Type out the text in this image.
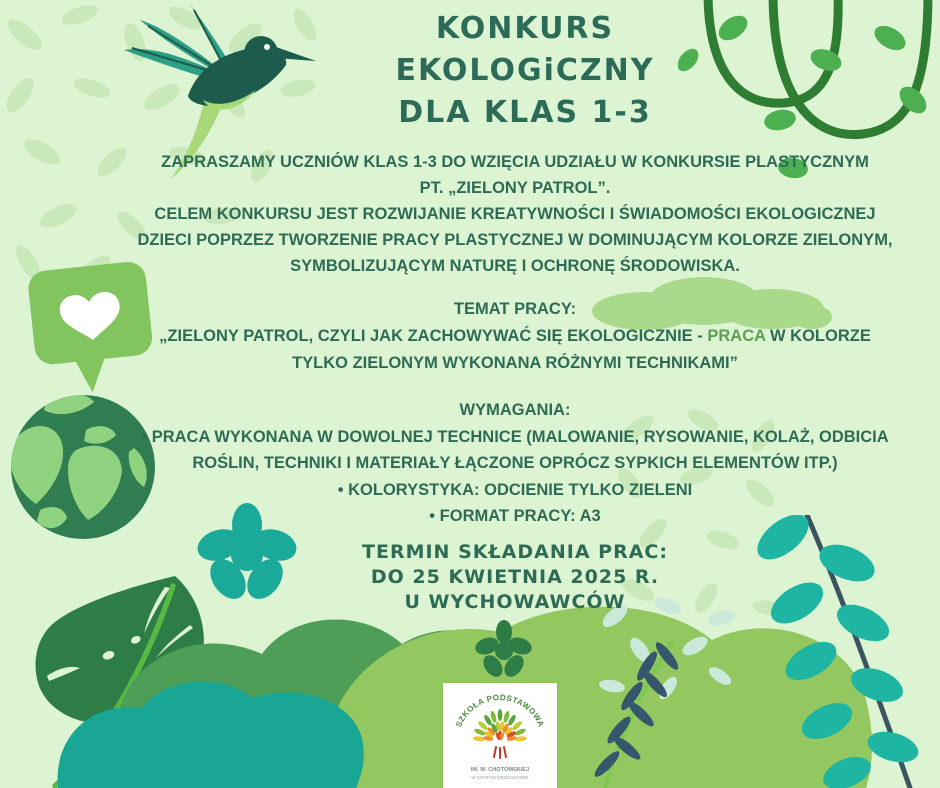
KONKURS
EKOLOGiCZNY
DLA KLAS 1-3
ZAPRASZAMY UCZNIÓW KLAS 1-3 DO WZIĘCIA UDZIAŁU W KONKURSIE PLASTYCZNYM
PT. „ZIELONY PATROL”.
CELEM KONKURSU JEST ROZWIJANIE KREATYWNOŚCI I ŚWIADOMOŚCI EKOLOGICZNEJ
DZIECI POPRZEZ TWORZENIE PRACY PLASTYCZNEJ W DOMINUJĄCYM KOLORZE ZIELONYM,
SYMBOLIZUJĄCYM NATURĘ I OCHRONĘ ŚRODOWISKA.
TEMAT PRACY:
„ZIELONY PATROL, CZYLI JAK ZACHOWYWAĆ SIĘ EKOLOGICZNIE - PRACA W KOLORZE
TYLKO ZIELONYM WYKONANA RÓŻNYMI TECHNIKAMI”
WYMAGANIA:
• PRACA WYKONANA W DOWOLNEJ TECHNICE (MALOWANIE, RYSOWANIE, KOLAŻ, ODBICIA
ROŚLIN, TECHNIKI I MATERIAŁY ŁĄCZONE OPRÓCZ SYPKICH ELEMENTÓW ITP.)
• KOLORYSTYKA: ODCIENIE TYLKO ZIELENI
• FORMAT PRACY: A3
TERMIN SKŁADANIA PRAC:
DO 25 KWIETNIA 2025 R.
U WYCHOWAWCÓW
SZKOŁA PODSTAWOWA
IM. W. CHOTOMSKIEJ
W STARYM ORZECHOWIE
